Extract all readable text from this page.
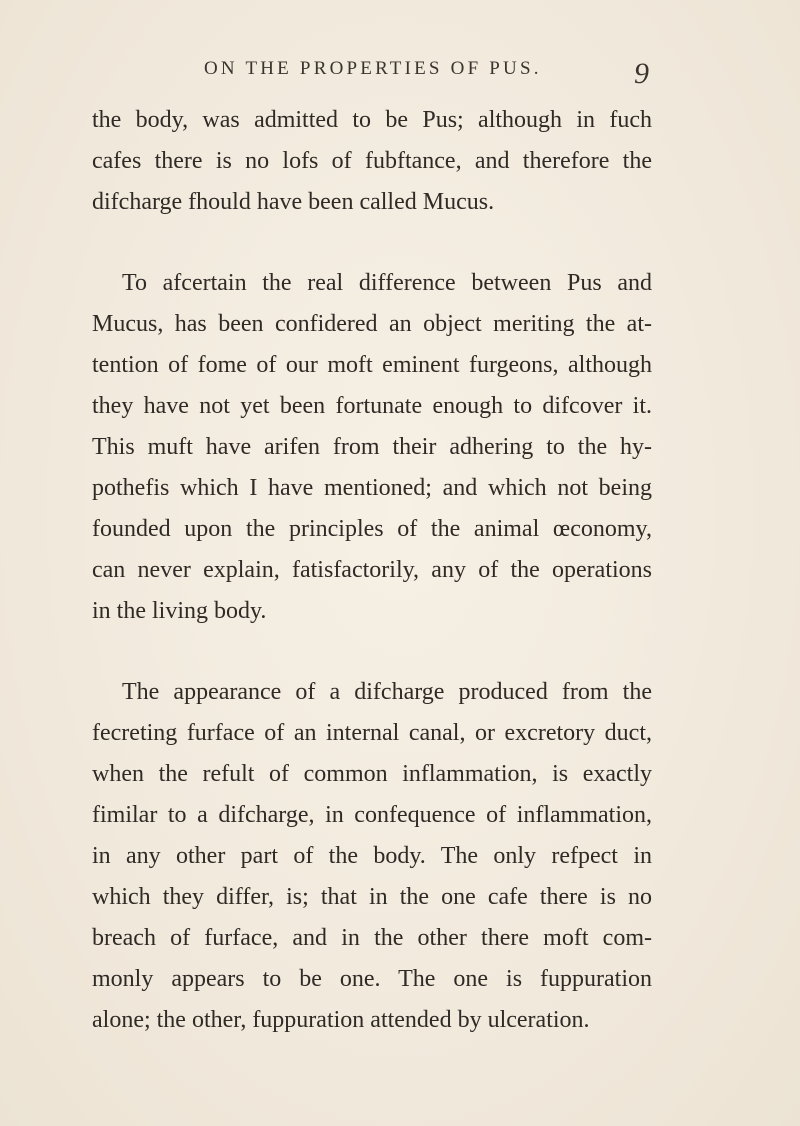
ON THE PROPERTIES OF PUS.	9
the body, was admitted to be Pus; although in fuch
cafes there is no lofs of fubftance, and therefore the
difcharge fhould have been called Mucus.
To afcertain the real difference between Pus and
Mucus, has been confidered an object meriting the at-
tention of fome of our moft eminent furgeons, although
they have not yet been fortunate enough to difcover it.
This muft have arifen from their adhering to the hy-
pothefis which I have mentioned; and which not being
founded upon the principles of the animal œconomy,
can never explain, fatisfactorily, any of the operations
in the living body.
The appearance of a difcharge produced from the
fecreting furface of an internal canal, or excretory duct,
when the refult of common inflammation, is exactly
fimilar to a difcharge, in confequence of inflammation,
in any other part of the body. The only refpect in
which they differ, is; that in the one cafe there is no
breach of furface, and in the other there moft com-
monly appears to be one. The one is fuppuration
alone; the other, fuppuration attended by ulceration.
